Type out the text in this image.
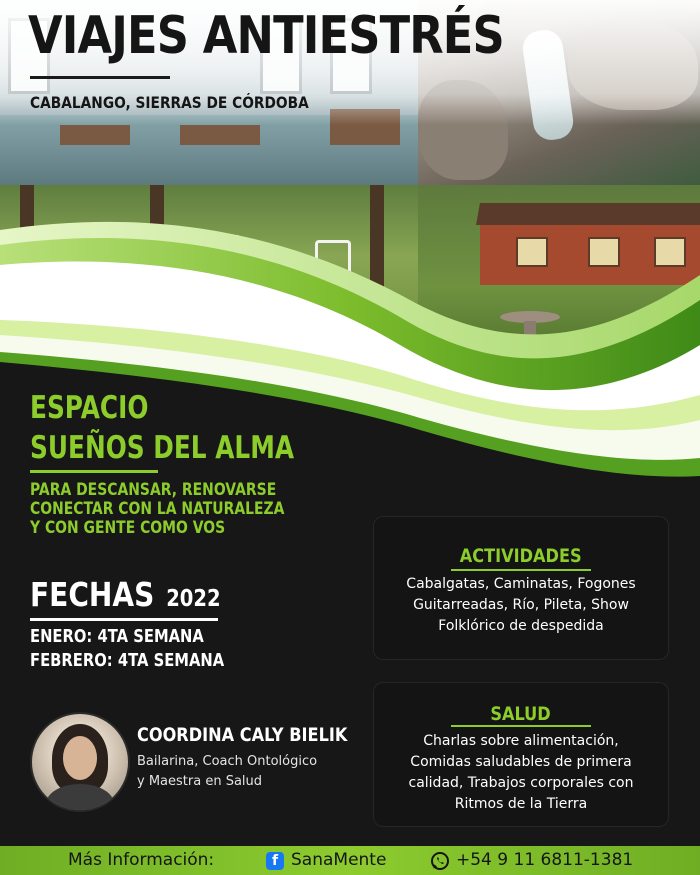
VIAJES ANTIESTRÉS
CABALANGO, SIERRAS DE CÓRDOBA
ESPACIO
SUEÑOS DEL ALMA
PARA DESCANSAR, RENOVARSE
CONECTAR CON LA NATURALEZA
Y CON GENTE COMO VOS
FECHAS 2022
ENERO: 4TA SEMANA
FEBRERO: 4TA SEMANA
COORDINA CALY BIELIK
Bailarina, Coach Ontológico
y Maestra en Salud
ACTIVIDADES
Cabalgatas, Caminatas, Fogones
Guitarreadas, Río, Pileta, Show
Folklórico de despedida
SALUD
Charlas sobre alimentación,
Comidas saludables de primera
calidad, Trabajos corporales con
Ritmos de la Tierra
Más Información:	f SanaMente	+54 9 11 6811-1381
